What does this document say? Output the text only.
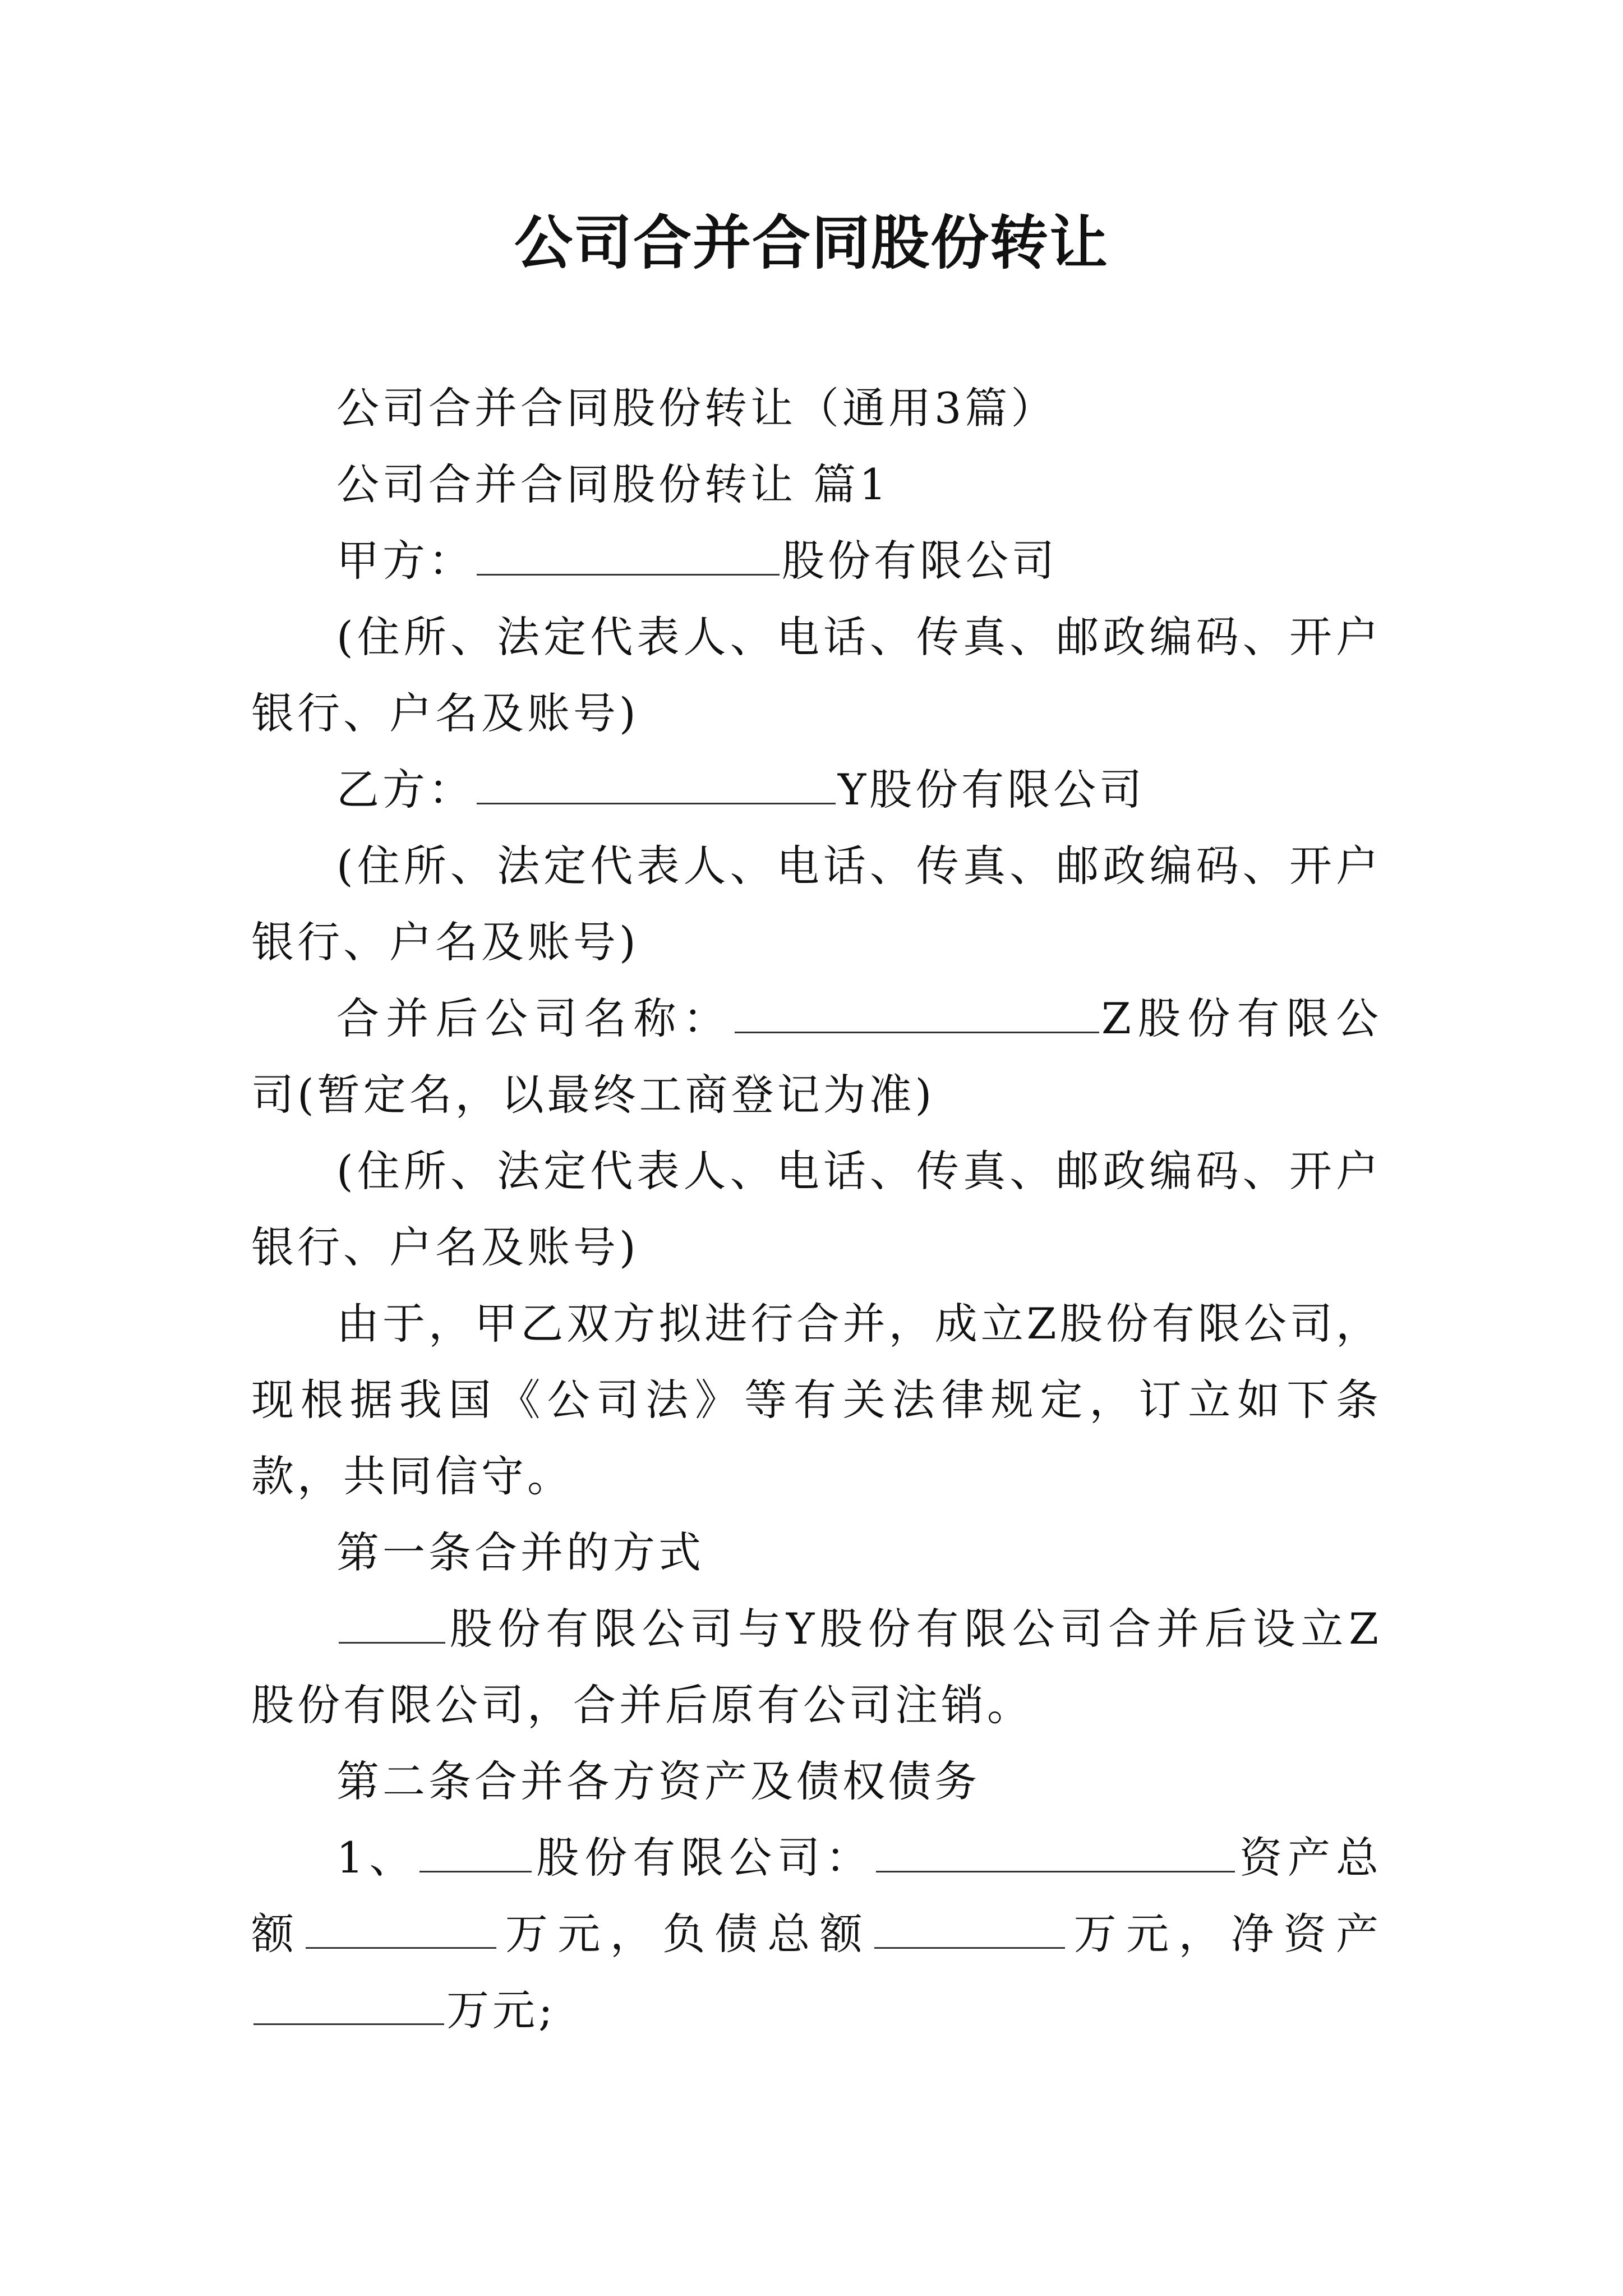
公司合并合同股份转让

公司合并合同股份转让（通用3篇）

公司合并合同股份转让 篇1

甲方：	股份有限公司

(住所、法定代表人、电话、传真、邮政编码、开户银行、户名及账号)

乙方：	Y股份有限公司

(住所、法定代表人、电话、传真、邮政编码、开户银行、户名及账号)

合并后公司名称：	Z股份有限公司(暂定名，以最终工商登记为准)

(住所、法定代表人、电话、传真、邮政编码、开户银行、户名及账号)

由于，甲乙双方拟进行合并，成立Z股份有限公司，现根据我国《公司法》等有关法律规定，订立如下条款，共同信守。

第一条合并的方式

股份有限公司与Y股份有限公司合并后设立Z股份有限公司，合并后原有公司注销。

第二条合并各方资产及债权债务

1、	股份有限公司：	资产总额	万元，负债总额	万元，净资产万元;
